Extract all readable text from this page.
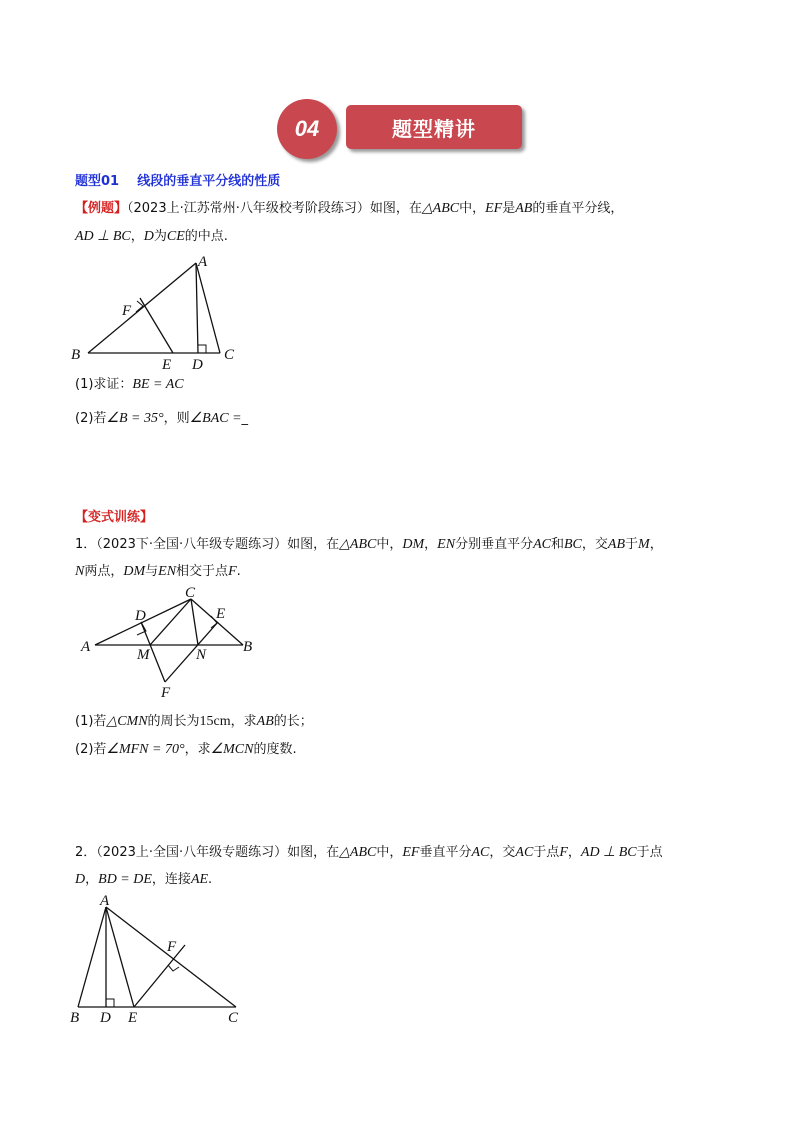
04	题型精讲
题型01 线段的垂直平分线的性质
【例题】（2023上·江苏常州·八年级校考阶段练习）如图，在△ABC中，EF是AB的垂直平分线，
AD ⊥ BC，D为CE的中点.
A
B	C
D
E
F
(1)求证：BE = AC
(2)若∠B = 35°，则∠BAC =_
【变式训练】
1．（2023下·全国·八年级专题练习）如图，在△ABC中，DM，EN分别垂直平分AC和BC，交AB于M，
N两点，DM与EN相交于点F.
A	B
C
D	E
M	N
F
(1)若△CMN的周长为15cm，求AB的长；
(2)若∠MFN = 70°，求∠MCN的度数.
2．（2023上·全国·八年级专题练习）如图，在△ABC中，EF垂直平分AC，交AC于点F，AD ⊥ BC于点
D，BD = DE，连接AE.
A
B	C
D E
F
